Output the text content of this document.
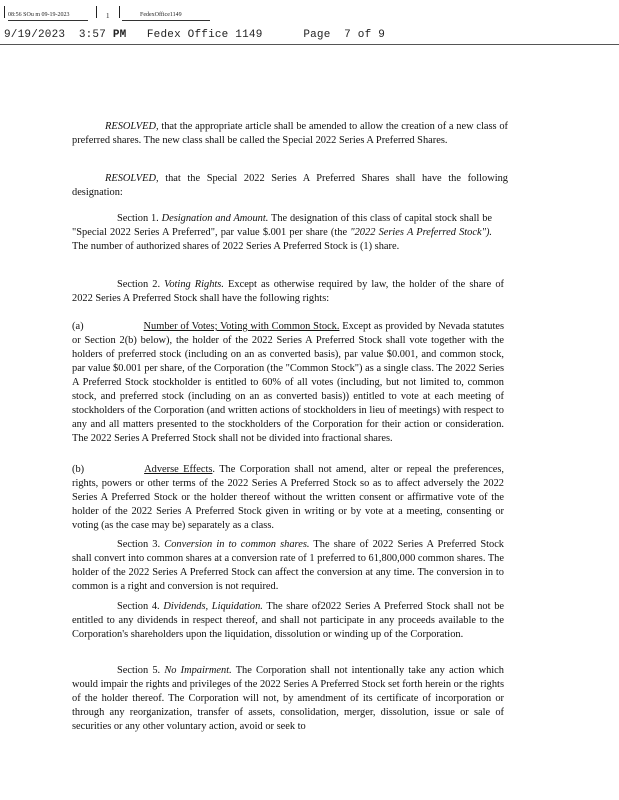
08:56 SOu m 09-19-2023	1	FedexOffice1149
9/19/2023 3:57 PM Fedex Office 1149	Page 7 of 9

RESOLVED, that the appropriate article shall be amended to allow the creation of a new class of preferred shares. The new class shall be called the Special 2022 Series A Preferred Shares.

RESOLVED, that the Special 2022 Series A Preferred Shares shall have the following designation:

Section 1. Designation and Amount. The designation of this class of capital stock shall be "Special 2022 Series A Preferred", par value $.001 per share (the "2022 Series A Preferred Stock"). The number of authorized shares of 2022 Series A Preferred Stock is (1) share.

Section 2. Voting Rights. Except as otherwise required by law, the holder of the share of 2022 Series A Preferred Stock shall have the following rights:

(a)	Number of Votes; Voting with Common Stock. Except as provided by Nevada statutes or Section 2(b) below), the holder of the 2022 Series A Preferred Stock shall vote together with the holders of preferred stock (including on an as converted basis), par value $0.001, and common stock, par value $0.001 per share, of the Corporation (the "Common Stock") as a single class. The 2022 Series A Preferred Stock stockholder is entitled to 60% of all votes (including, but not limited to, common stock, and preferred stock (including on an as converted basis)) entitled to vote at each meeting of stockholders of the Corporation (and written actions of stockholders in lieu of meetings) with respect to any and all matters presented to the stockholders of the Corporation for their action or consideration. The 2022 Series A Preferred Stock shall not be divided into fractional shares.

(b)	Adverse Effects. The Corporation shall not amend, alter or repeal the preferences, rights, powers or other terms of the 2022 Series A Preferred Stock so as to affect adversely the 2022 Series A Preferred Stock or the holder thereof without the written consent or affirmative vote of the holder of the 2022 Series A Preferred Stock given in writing or by vote at a meeting, consenting or voting (as the case may be) separately as a class.

Section 3. Conversion in to common shares. The share of 2022 Series A Preferred Stock shall convert into common shares at a conversion rate of 1 preferred to 61,800,000 common shares. The holder of the 2022 Series A Preferred Stock can affect the conversion at any time. The conversion in to common is a right and conversion is not required.

Section 4. Dividends, Liquidation. The share of2022 Series A Preferred Stock shall not be entitled to any dividends in respect thereof, and shall not participate in any proceeds available to the Corporation's shareholders upon the liquidation, dissolution or winding up of the Corporation.

Section 5. No Impairment. The Corporation shall not intentionally take any action which would impair the rights and privileges of the 2022 Series A Preferred Stock set forth herein or the rights of the holder thereof. The Corporation will not, by amendment of its certificate of incorporation or through any reorganization, transfer of assets, consolidation, merger, dissolution, issue or sale of securities or any other voluntary action, avoid or seek to
